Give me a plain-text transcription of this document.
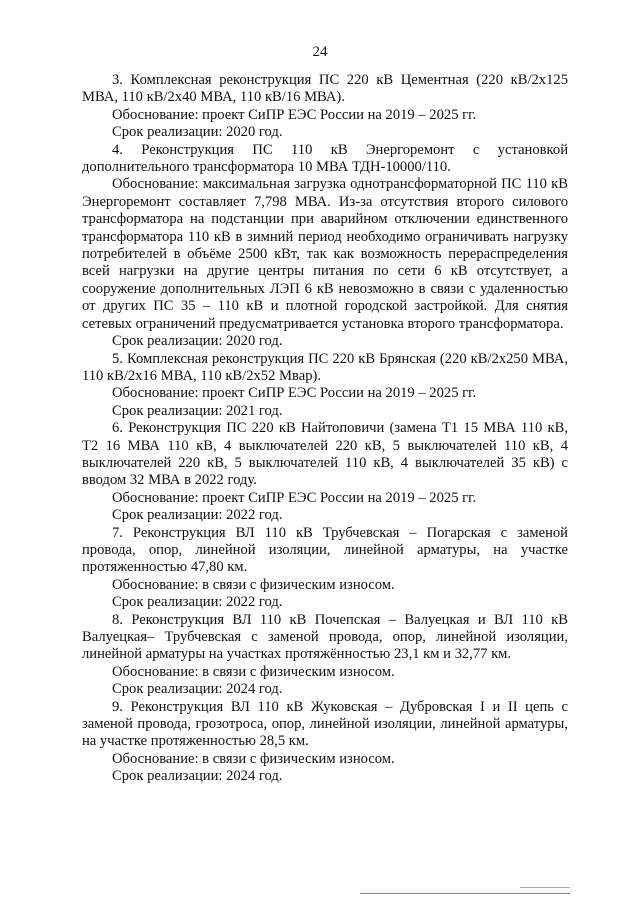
24

3. Комплексная реконструкция ПС 220 кВ Цементная (220 кВ/2х125 МВА, 110 кВ/2х40 МВА, 110 кВ/16 МВА).

Обоснование: проект СиПР ЕЭС России на 2019 – 2025 гг.

Срок реализации: 2020 год.

4. Реконструкция ПС 110 кВ Энергоремонт с установкой дополнительного трансформатора 10 МВА ТДН-10000/110.

Обоснование: максимальная загрузка однотрансформаторной ПС 110 кВ Энергоремонт составляет 7,798 МВА. Из-за отсутствия второго силового трансформатора на подстанции при аварийном отключении единственного трансформатора 110 кВ в зимний период необходимо ограничивать нагрузку потребителей в объёме 2500 кВт, так как возможность перераспределения всей нагрузки на другие центры питания по сети 6 кВ отсутствует, а сооружение дополнительных ЛЭП 6 кВ невозможно в связи с удаленностью от других ПС 35 – 110 кВ и плотной городской застройкой. Для снятия сетевых ограничений предусматривается установка второго трансформатора.

Срок реализации: 2020 год.

5. Комплексная реконструкция ПС 220 кВ Брянская (220 кВ/2х250 МВА, 110 кВ/2х16 МВА, 110 кВ/2х52 Мвар).

Обоснование: проект СиПР ЕЭС России на 2019 – 2025 гг.

Срок реализации: 2021 год.

6. Реконструкция ПС 220 кВ Найтоповичи (замена Т1 15 МВА 110 кВ, Т2 16 МВА 110 кВ, 4 выключателей 220 кВ, 5 выключателей 110 кВ, 4 выключателей 220 кВ, 5 выключателей 110 кВ, 4 выключателей 35 кВ) с вводом 32 МВА в 2022 году.

Обоснование: проект СиПР ЕЭС России на 2019 – 2025 гг.

Срок реализации: 2022 год.

7. Реконструкция ВЛ 110 кВ Трубчевская – Погарская с заменой провода, опор, линейной изоляции, линейной арматуры, на участке протяженностью 47,80 км.

Обоснование: в связи с физическим износом.

Срок реализации: 2022 год.

8. Реконструкция ВЛ 110 кВ Почепская – Валуецкая и ВЛ 110 кВ Валуецкая– Трубчевская с заменой провода, опор, линейной изоляции, линейной арматуры на участках протяжённостью 23,1 км и 32,77 км.

Обоснование: в связи с физическим износом.

Срок реализации: 2024 год.

9. Реконструкция ВЛ 110 кВ Жуковская – Дубровская I и II цепь с заменой провода, грозотроса, опор, линейной изоляции, линейной арматуры, на участке протяженностью 28,5 км.

Обоснование: в связи с физическим износом.

Срок реализации: 2024 год.
